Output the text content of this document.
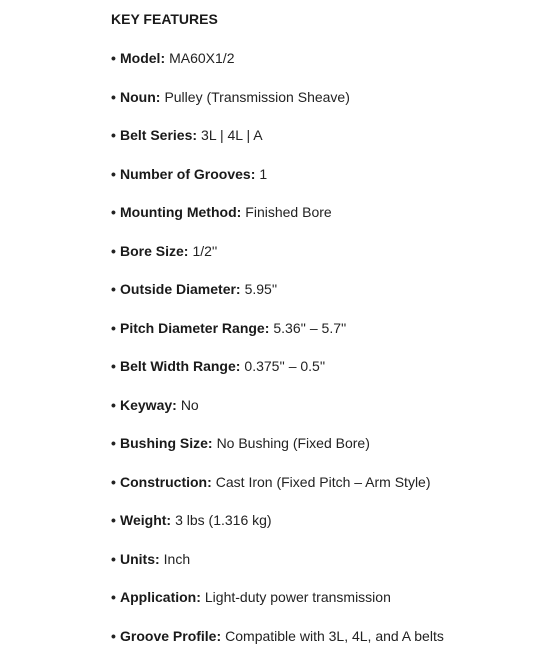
KEY FEATURES
• Model: MA60X1/2
• Noun: Pulley (Transmission Sheave)
• Belt Series: 3L | 4L | A
• Number of Grooves: 1
• Mounting Method: Finished Bore
• Bore Size: 1/2''
• Outside Diameter: 5.95''
• Pitch Diameter Range: 5.36'' – 5.7''
• Belt Width Range: 0.375'' – 0.5''
• Keyway: No
• Bushing Size: No Bushing (Fixed Bore)
• Construction: Cast Iron (Fixed Pitch – Arm Style)
• Weight: 3 lbs (1.316 kg)
• Units: Inch
• Application: Light-duty power transmission
• Groove Profile: Compatible with 3L, 4L, and A belts
